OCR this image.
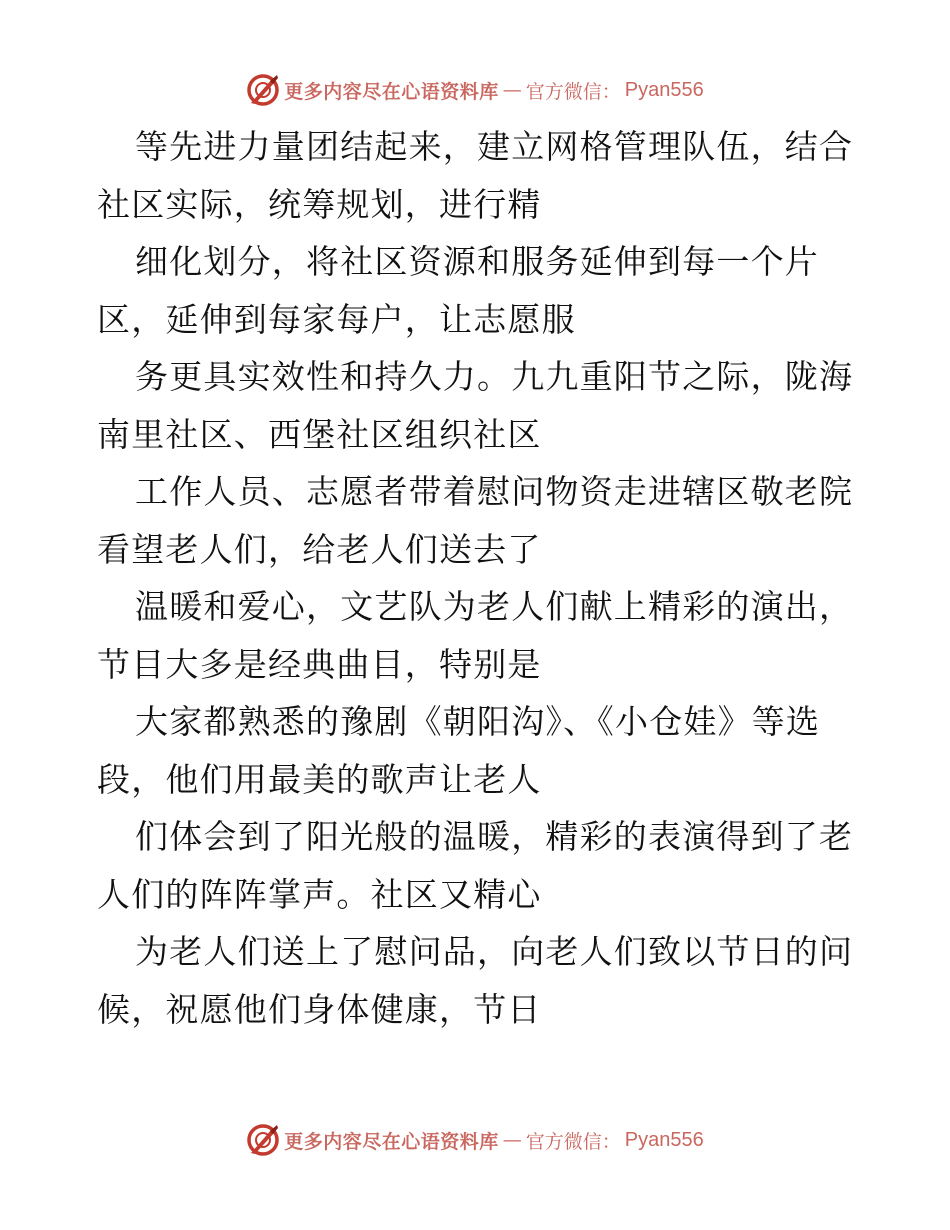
更多内容尽在心语资料库 — 官方微信： Pyan556
等先进力量团结起来，建立网格管理队伍，结合
社区实际，统筹规划，进行精
细化划分，将社区资源和服务延伸到每一个片
区，延伸到每家每户，让志愿服
务更具实效性和持久力。九九重阳节之际，陇海
南里社区、西堡社区组织社区
工作人员、志愿者带着慰问物资走进辖区敬老院
看望老人们，给老人们送去了
温暖和爱心，文艺队为老人们献上精彩的演出，
节目大多是经典曲目，特别是
大家都熟悉的豫剧《朝阳沟》、《小仓娃》等选
段，他们用最美的歌声让老人
们体会到了阳光般的温暖，精彩的表演得到了老
人们的阵阵掌声。社区又精心
为老人们送上了慰问品，向老人们致以节日的问
候，祝愿他们身体健康，节日
更多内容尽在心语资料库 — 官方微信： Pyan556
